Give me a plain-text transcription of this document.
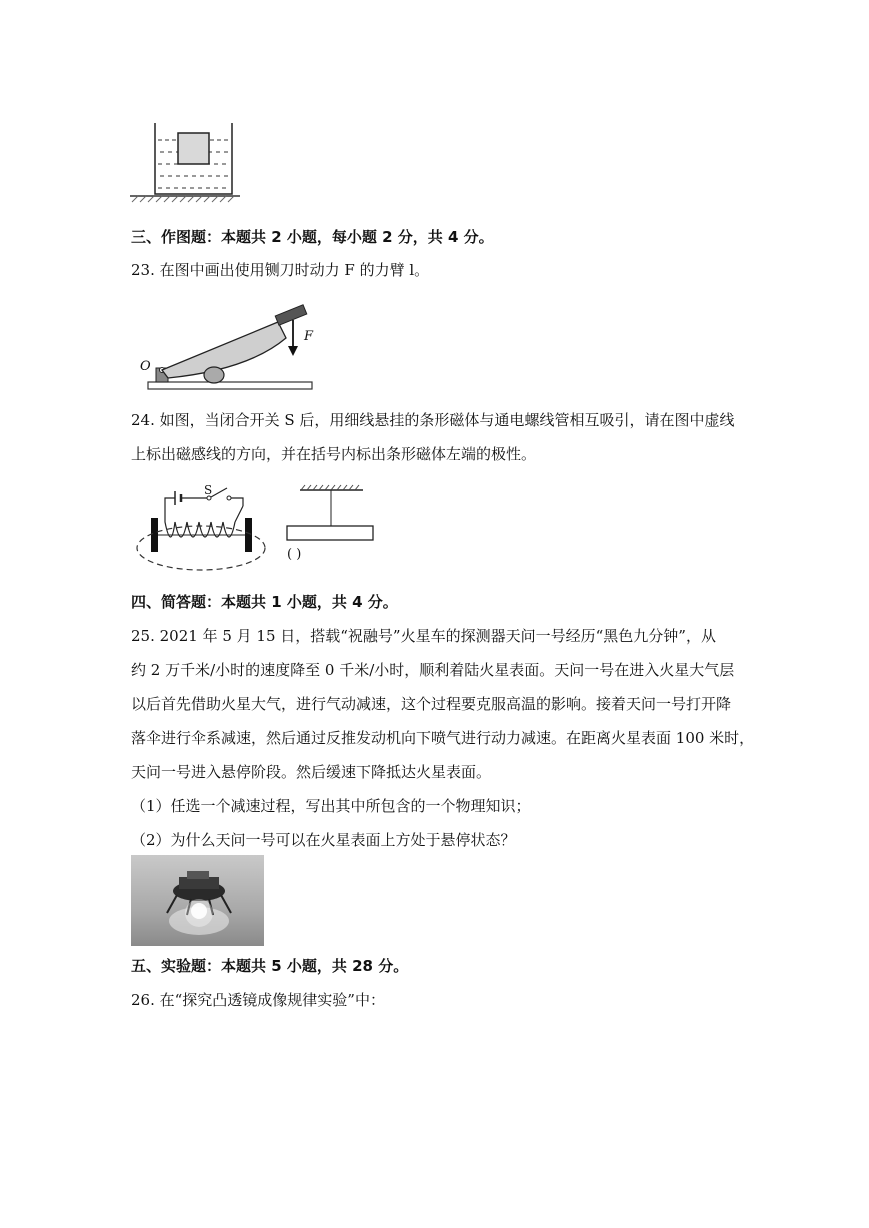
三、作图题：本题共 2 小题，每小题 2 分，共 4 分。
23. 在图中画出使用铡刀时动力 F 的力臂 l。
O
F
24. 如图，当闭合开关 S 后，用细线悬挂的条形磁体与通电螺线管相互吸引，请在图中虚线
上标出磁感线的方向，并在括号内标出条形磁体左端的极性。
S
( )
四、简答题：本题共 1 小题，共 4 分。
25. 2021 年 5 月 15 日，搭载“祝融号”火星车的探测器天问一号经历“黑色九分钟”，从
约 2 万千米/小时的速度降至 0 千米/小时，顺利着陆火星表面。天问一号在进入火星大气层
以后首先借助火星大气，进行气动减速，这个过程要克服高温的影响。接着天问一号打开降
落伞进行伞系减速，然后通过反推发动机向下喷气进行动力减速。在距离火星表面 100 米时，
天问一号进入悬停阶段。然后缓速下降抵达火星表面。
（1）任选一个减速过程，写出其中所包含的一个物理知识；
（2）为什么天问一号可以在火星表面上方处于悬停状态？
五、实验题：本题共 5 小题，共 28 分。
26. 在“探究凸透镜成像规律实验”中：
